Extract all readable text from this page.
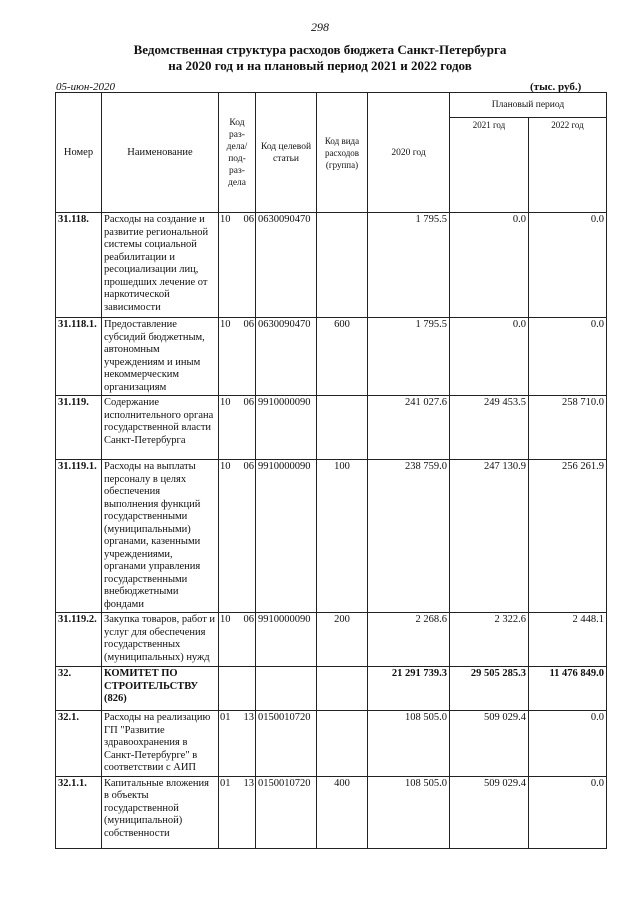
298
Ведомственная структура расходов бюджета Санкт-Петербурга
на 2020 год и на плановый период 2021 и 2022 годов
05-июн-2020	(тыс. руб.)
Номер	Наименование	Код раз-дела/ под-раз-дела	Код целевой статьи	Код вида расходов (группа)	2020 год	Плановый период	
						2021 год	2022 год
31.118.	Расходы на создание и развитие региональной системы социальной реабилитации и ресоциализации лиц, прошедших лечение от наркотической зависимости	10 06	0630090470		1 795.5	0.0	0.0
31.118.1.	Предоставление субсидий бюджетным, автономным учреждениям и иным некоммерческим организациям	10 06	0630090470	600	1 795.5	0.0	0.0
31.119.	Содержание исполнительного органа государственной власти Санкт-Петербурга	10 06	9910000090		241 027.6	249 453.5	258 710.0
31.119.1.	Расходы на выплаты персоналу в целях обеспечения выполнения функций государственными (муниципальными) органами, казенными учреждениями, органами управления государственными внебюджетными фондами	10 06	9910000090	100	238 759.0	247 130.9	256 261.9
31.119.2.	Закупка товаров, работ и услуг для обеспечения государственных (муниципальных) нужд	10 06	9910000090	200	2 268.6	2 322.6	2 448.1
32.	КОМИТЕТ ПО СТРОИТЕЛЬСТВУ (826)				21 291 739.3	29 505 285.3	11 476 849.0
32.1.	Расходы на реализацию ГП "Развитие здравоохранения в Санкт-Петербурге" в соответствии с АИП	01 13	0150010720		108 505.0	509 029.4	0.0
32.1.1.	Капитальные вложения в объекты государственной (муниципальной) собственности	01 13	0150010720	400	108 505.0	509 029.4	0.0
